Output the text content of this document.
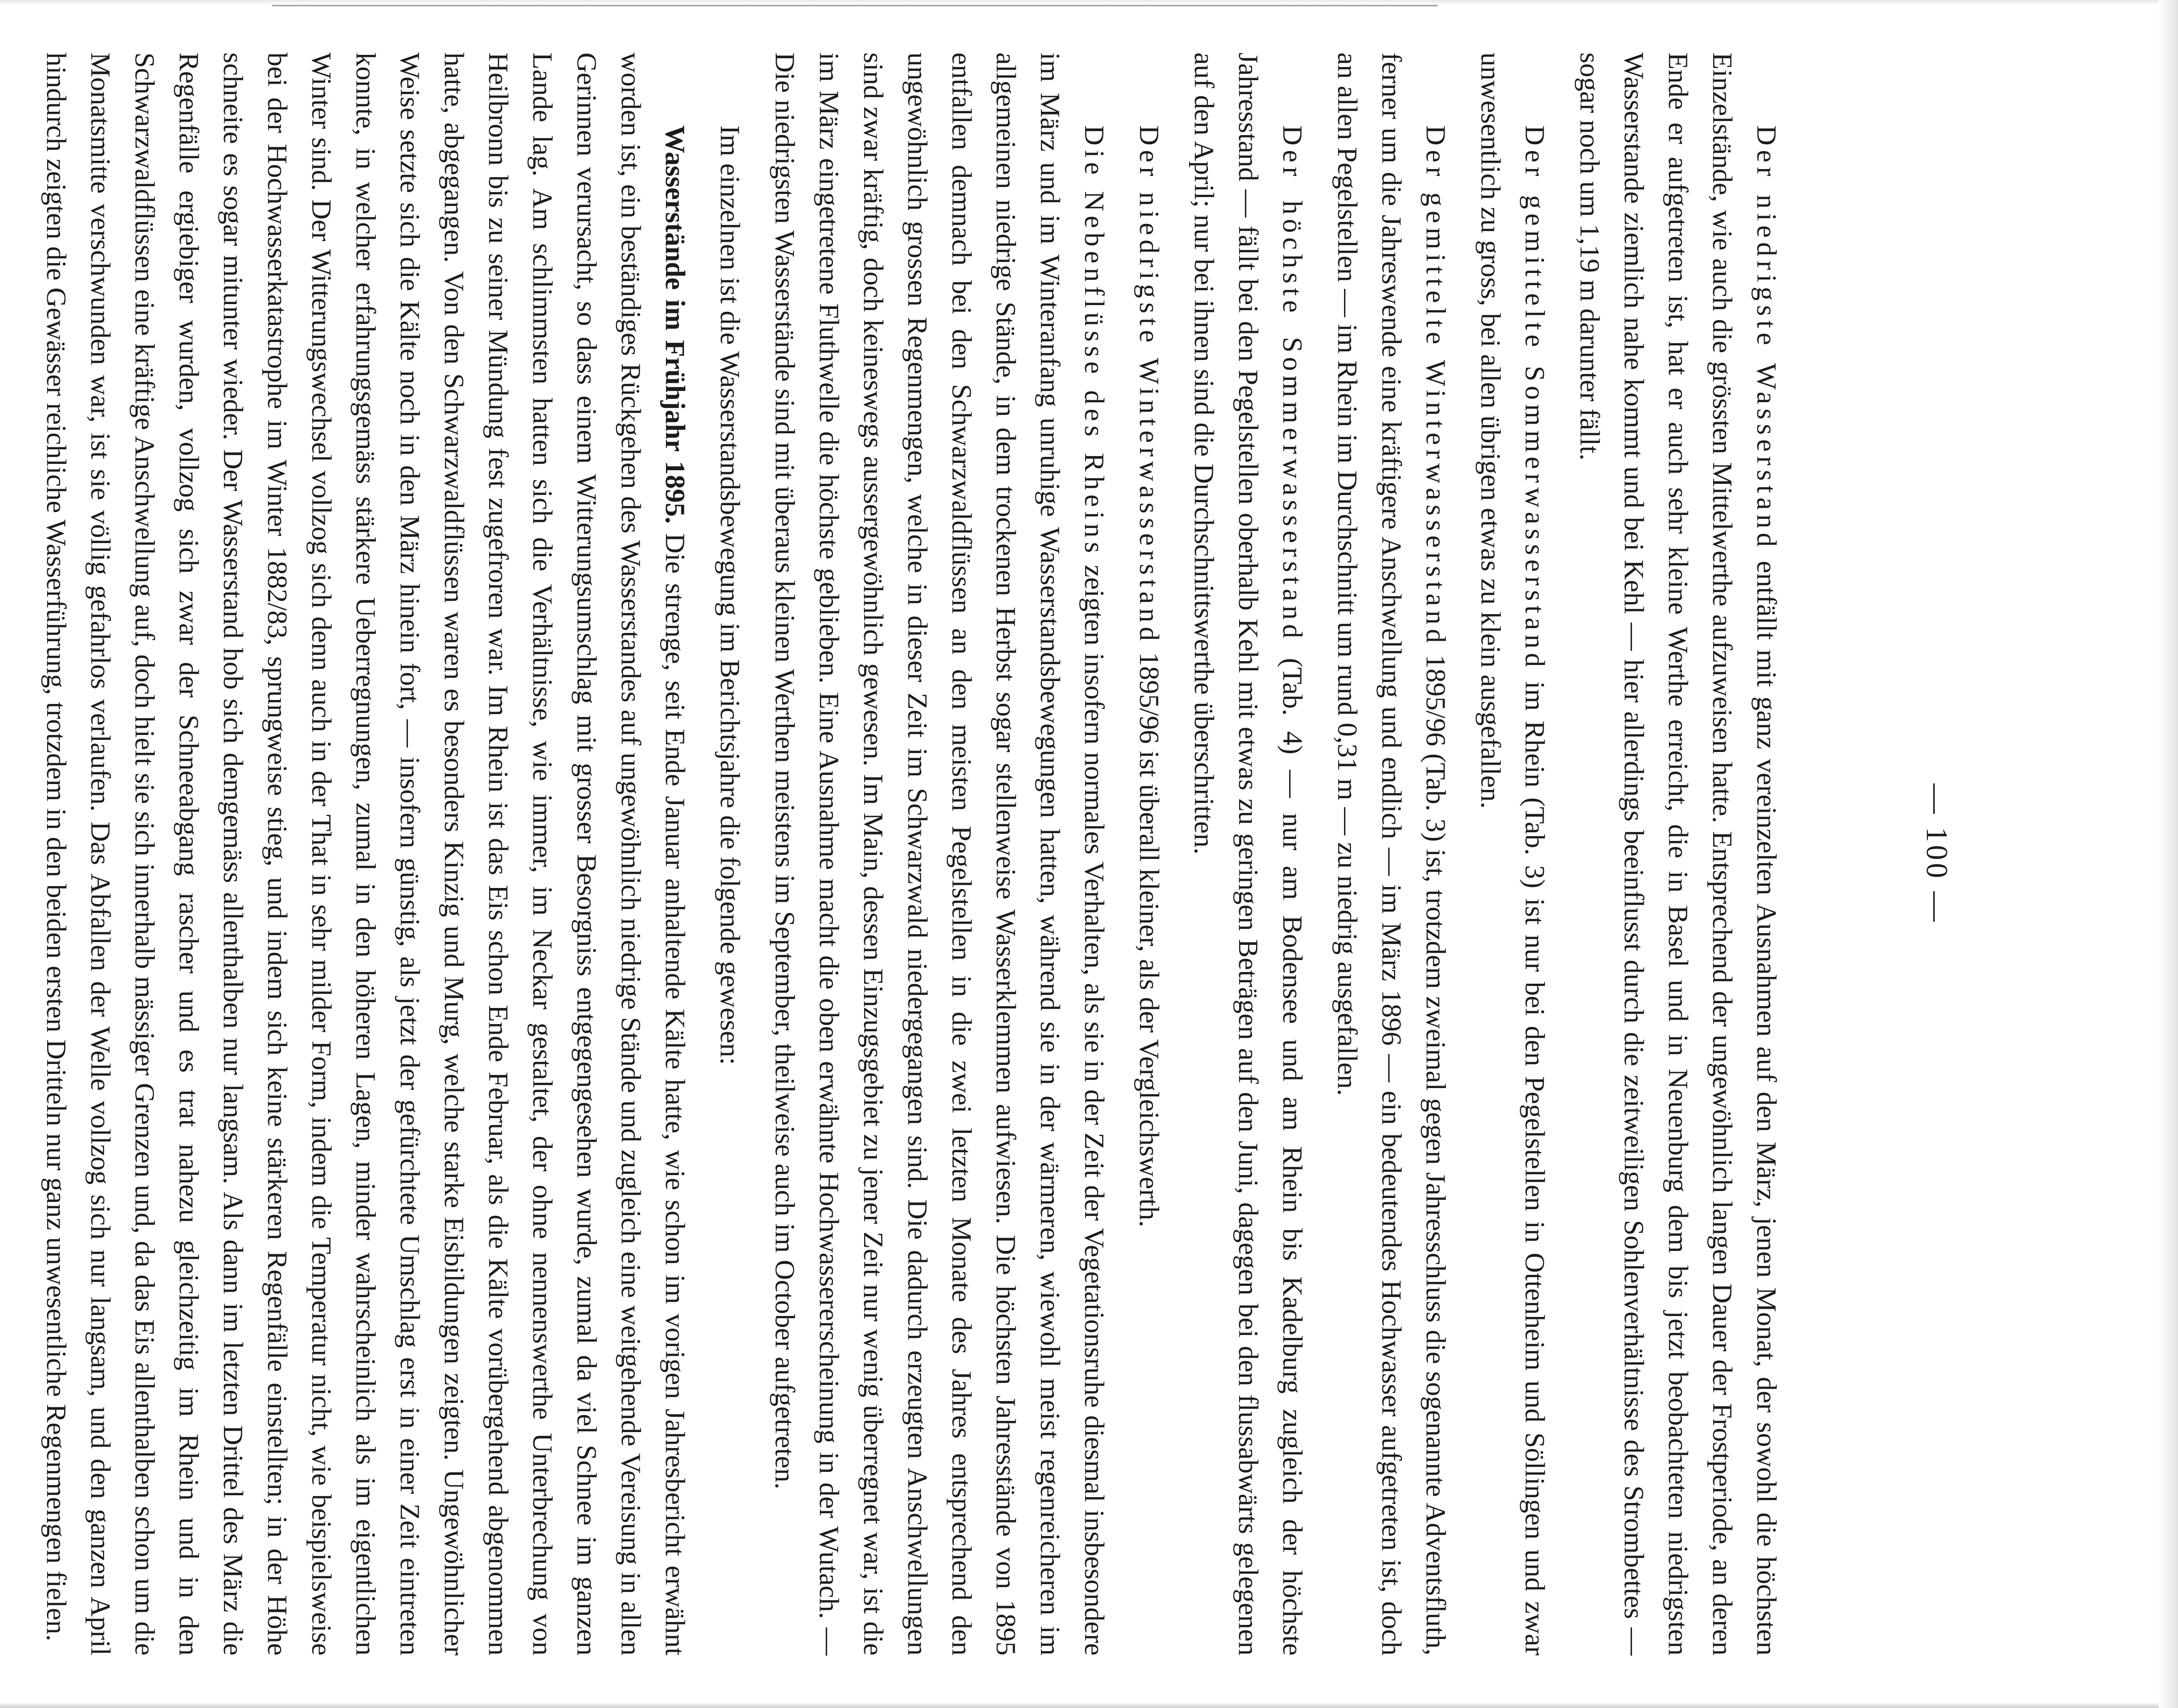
— 100 —

Der niedrigste Wasserstand entfällt mit ganz vereinzelten Ausnahmen auf den März, jenen Monat, der sowohl die höchsten Einzelstände, wie auch die grössten Mittelwerthe aufzuweisen hatte. Entsprechend der ungewöhnlich langen Dauer der Frostperiode, an deren Ende er aufgetreten ist, hat er auch sehr kleine Werthe erreicht, die in Basel und in Neuenburg dem bis jetzt beobachteten niedrigsten Wasserstande ziemlich nahe kommt und bei Kehl — hier allerdings beeinflusst durch die zeitweiligen Sohlenverhältnisse des Strombettes — sogar noch um 1,19 m darunter fällt.

Der gemittelte Sommerwasserstand im Rhein (Tab. 3) ist nur bei den Pegelstellen in Ottenheim und Söllingen und zwar unwesentlich zu gross, bei allen übrigen etwas zu klein ausgefallen.

Der gemittelte Winterwasserstand 1895/96 (Tab. 3) ist, trotzdem zweimal gegen Jahresschluss die sogenannte Adventsfluth, ferner um die Jahreswende eine kräftigere Anschwellung und endlich — im März 1896 — ein bedeutendes Hochwasser aufgetreten ist, doch an allen Pegelstellen — im Rhein im Durchschnitt um rund 0,31 m — zu niedrig ausgefallen.

Der höchste Sommerwasserstand (Tab. 4) — nur am Bodensee und am Rhein bis Kadelburg zugleich der höchste Jahresstand — fällt bei den Pegelstellen oberhalb Kehl mit etwas zu geringen Beträgen auf den Juni, dagegen bei den flussabwärts gelegenen auf den April; nur bei ihnen sind die Durchschnittswerthe überschritten.

Der niedrigste Winterwasserstand 1895/96 ist überall kleiner, als der Vergleichswerth.

Die Nebenflüsse des Rheins zeigten insofern normales Verhalten, als sie in der Zeit der Vegetationsruhe diesmal insbesondere im März und im Winteranfang unruhige Wasserstandsbewegungen hatten, während sie in der wärmeren, wiewohl meist regenreicheren im allgemeinen niedrige Stände, in dem trockenen Herbst sogar stellenweise Wasserklemmen aufwiesen. Die höchsten Jahresstände von 1895 entfallen demnach bei den Schwarzwaldflüssen an den meisten Pegelstellen in die zwei letzten Monate des Jahres entsprechend den ungewöhnlich grossen Regenmengen, welche in dieser Zeit im Schwarzwald niedergegangen sind. Die dadurch erzeugten Anschwellungen sind zwar kräftig, doch keineswegs aussergewöhnlich gewesen. Im Main, dessen Einzugsgebiet zu jener Zeit nur wenig überregnet war, ist die im März eingetretene Fluthwelle die höchste geblieben. Eine Ausnahme macht die oben erwähnte Hochwassererscheinung in der Wutach. — Die niedrigsten Wasserstände sind mit überaus kleinen Werthen meistens im September, theilweise auch im October aufgetreten.

Im einzelnen ist die Wasserstandsbewegung im Berichtsjahre die folgende gewesen:

Wasserstände im Frühjahr 1895. Die strenge, seit Ende Januar anhaltende Kälte hatte, wie schon im vorigen Jahresbericht erwähnt worden ist, ein beständiges Rückgehen des Wasserstandes auf ungewöhnlich niedrige Stände und zugleich eine weitgehende Vereisung in allen Gerinnen verursacht, so dass einem Witterungsumschlag mit grosser Besorgniss entgegengesehen wurde, zumal da viel Schnee im ganzen Lande lag. Am schlimmsten hatten sich die Verhältnisse, wie immer, im Neckar gestaltet, der ohne nennenswerthe Unterbrechung von Heilbronn bis zu seiner Mündung fest zugefroren war. Im Rhein ist das Eis schon Ende Februar, als die Kälte vorübergehend abgenommen hatte, abgegangen. Von den Schwarzwaldflüssen waren es besonders Kinzig und Murg, welche starke Eisbildungen zeigten. Ungewöhnlicher Weise setzte sich die Kälte noch in den März hinein fort, — insofern günstig, als jetzt der gefürchtete Umschlag erst in einer Zeit eintreten konnte, in welcher erfahrungsgemäss stärkere Ueberregnungen, zumal in den höheren Lagen, minder wahrscheinlich als im eigentlichen Winter sind. Der Witterungswechsel vollzog sich denn auch in der That in sehr milder Form, indem die Temperatur nicht, wie beispielsweise bei der Hochwasserkatastrophe im Winter 1882/83, sprungweise stieg, und indem sich keine stärkeren Regenfälle einstellten; in der Höhe schneite es sogar mitunter wieder. Der Wasserstand hob sich demgemäss allenthalben nur langsam. Als dann im letzten Drittel des März die Regenfälle ergiebiger wurden, vollzog sich zwar der Schneeabgang rascher und es trat nahezu gleichzeitig im Rhein und in den Schwarzwaldflüssen eine kräftige Anschwellung auf, doch hielt sie sich innerhalb mässiger Grenzen und, da das Eis allenthalben schon um die Monatsmitte verschwunden war, ist sie völlig gefahrlos verlaufen. Das Abfallen der Welle vollzog sich nur langsam, und den ganzen April hindurch zeigten die Gewässer reichliche Wasserführung, trotzdem in den beiden ersten Dritteln nur ganz unwesentliche Regenmengen fielen.
